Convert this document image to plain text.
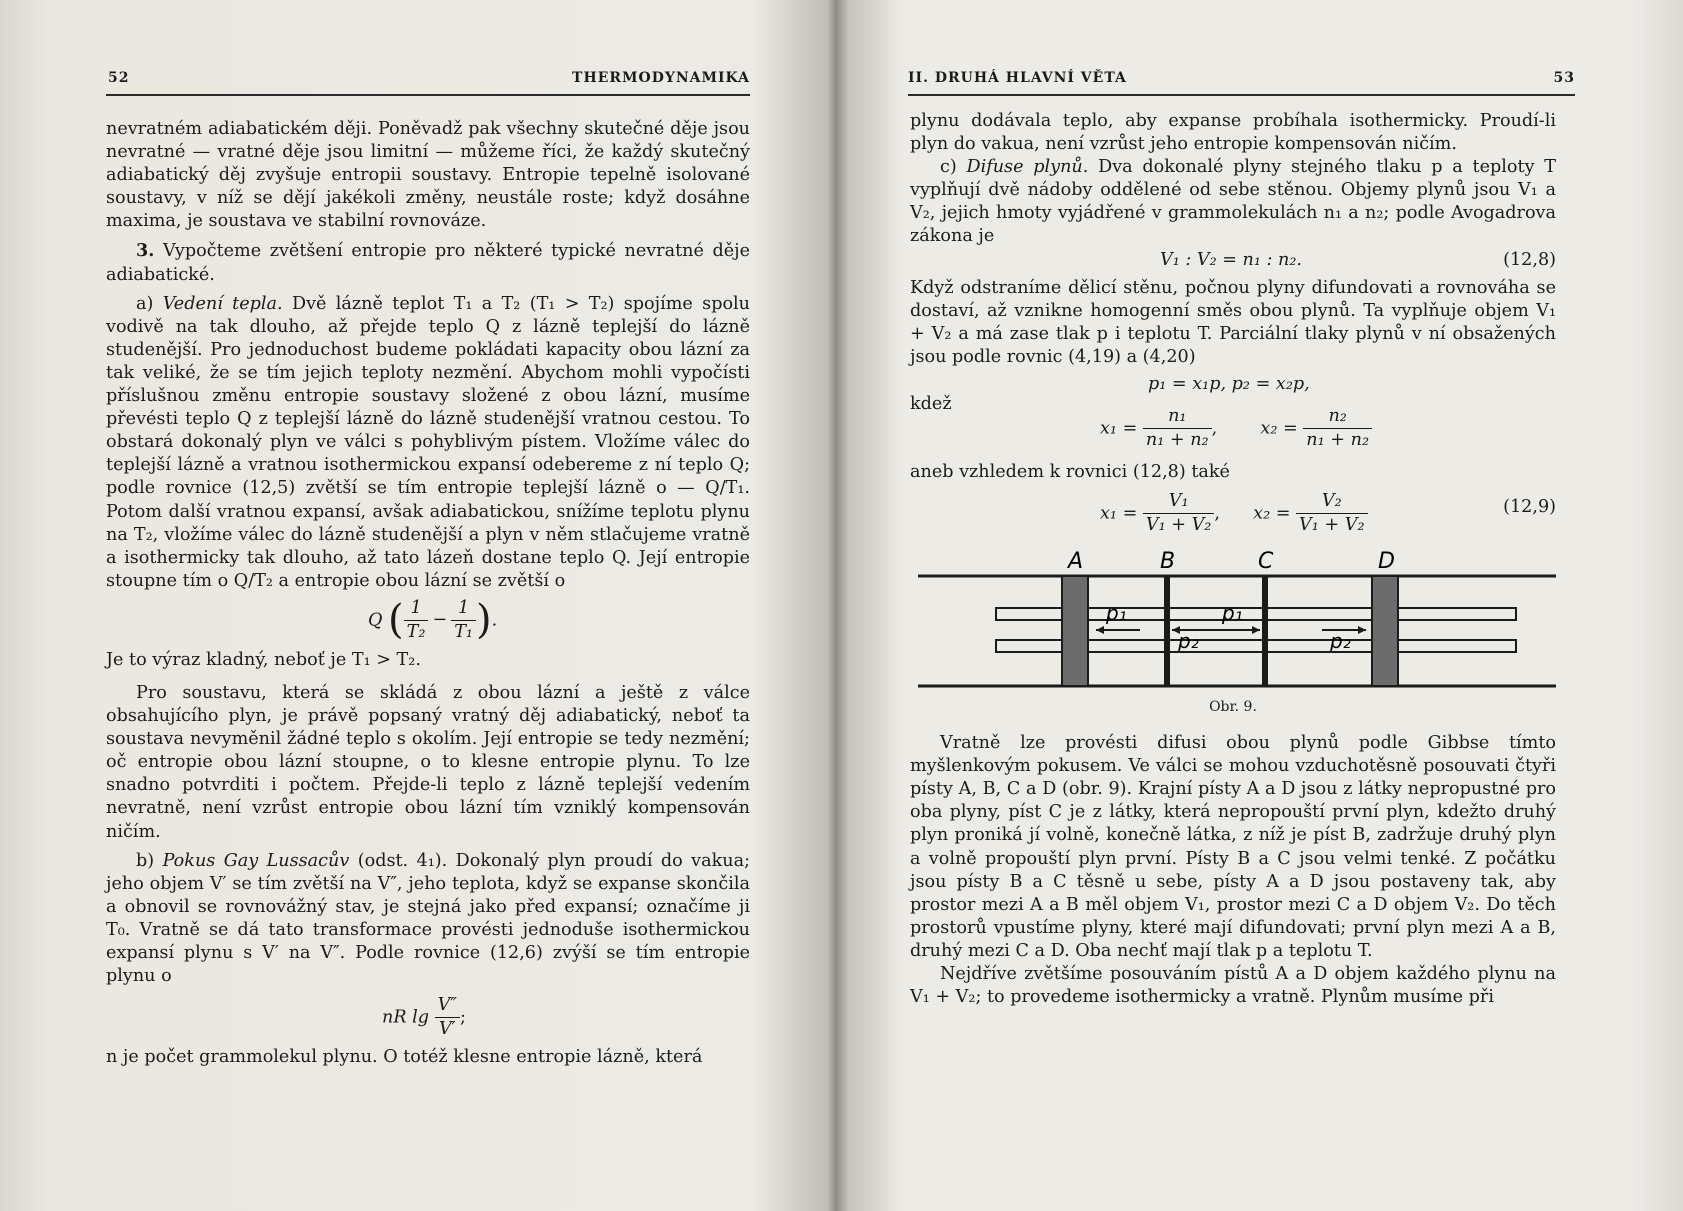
52	THERMODYNAMIKA

nevratném adiabatickém ději. Poněvadž pak všechny skutečné děje jsou nevratné — vratné děje jsou limitní — můžeme říci, že každý skutečný adiabatický děj zvyšuje entropii soustavy. Entropie tepelně isolované soustavy, v níž se dějí jakékoli změny, neustále roste; když dosáhne maxima, je soustava ve stabilní rovnováze.

3. Vypočteme zvětšení entropie pro některé typické nevratné děje adiabatické.

a) Vedení tepla. Dvě lázně teplot T₁ a T₂ (T₁ > T₂) spojíme spolu vodivě na tak dlouho, až přejde teplo Q z lázně teplejší do lázně studenější. Pro jednoduchost budeme pokládati kapacity obou lázní za tak veliké, že se tím jejich teploty nezmění. Abychom mohli vypočísti příslušnou změnu entropie soustavy složené z obou lázní, musíme převésti teplo Q z teplejší lázně do lázně studenější vratnou cestou. To obstará dokonalý plyn ve válci s pohyblivým pístem. Vložíme válec do teplejší lázně a vratnou isothermickou expansí odebereme z ní teplo Q; podle rovnice (12,5) zvětší se tím entropie teplejší lázně o — Q/T₁. Potom další vratnou expansí, avšak adiabatickou, snížíme teplotu plynu na T₂, vložíme válec do lázně studenější a plyn v něm stlačujeme vratně a isothermicky tak dlouho, až tato lázeň dostane teplo Q. Její entropie stoupne tím o Q/T₂ a entropie obou lázní se zvětší o

Q ( $\frac{1}{\text{T₂}} - \frac{1}{\text{T₁}}$ ).

Je to výraz kladný, neboť je T₁ > T₂.

Pro soustavu, která se skládá z obou lázní a ještě z válce obsahujícího plyn, je právě popsaný vratný děj adiabatický, neboť ta soustava nevyměnil žádné teplo s okolím. Její entropie se tedy nezmění; oč entropie obou lázní stoupne, o to klesne entropie plynu. To lze snadno potvrditi i počtem. Přejde-li teplo z lázně teplejší vedením nevratně, není vzrůst entropie obou lázní tím vzniklý kompensován ničím.

b) Pokus Gay Lussacův (odst. 4₁). Dokonalý plyn proudí do vakua; jeho objem V′ se tím zvětší na V″, jeho teplota, když se expanse skončila a obnovil se rovnovážný stav, je stejná jako před expansí; označíme ji T₀. Vratně se dá tato transformace provésti jednoduše isothermickou expansí plynu s V′ na V″. Podle rovnice (12,6) zvýší se tím entropie plynu o

nR $\lg \frac{V''}{V'}$ ;

n je počet grammolekul plynu. O totéž klesne entropie lázně, která

II. DRUHÁ HLAVNÍ VĚTA	53

plynu dodávala teplo, aby expanse probíhala isothermicky. Proudí-li plyn do vakua, není vzrůst jeho entropie kompensován ničím.

c) Difuse plynů. Dva dokonalé plyny stejného tlaku p a teploty T vyplňují dvě nádoby oddělené od sebe stěnou. Objemy plynů jsou V₁ a V₂, jejich hmoty vyjádřené v grammolekulách n₁ a n₂; podle Avogadrova zákona je

V₁ : V₂ = n₁ : n₂.	(12,8)

Když odstraníme dělicí stěnu, počnou plyny difundovati a rovnováha se dostaví, až vznikne homogenní směs obou plynů. Ta vyplňuje objem V₁ + V₂ a má zase tlak p i teplotu T. Parciální tlaky plynů v ní obsažených jsou podle rovnic (4,19) a (4,20)

p₁ = x₁p, p₂ = x₂p,
kdež
$x_1 = \frac{\text{n₁}}{\text{n₁ + n₂}}$ , $x_2 = \frac{\text{n₂}}{\text{n₁ + n₂}}$

aneb vzhledem k rovnici (12,8) také

$x_1 = \frac{\text{V₁}}{\text{V₁ + V₂}}$ , $x_2 = \frac{\text{V₂}}{\text{V₁ + V₂}}$	(12,9)
A	B	C	D
p₁
p₂
p₁
p₂
Obr. 9.

Vratně lze provésti difusi obou plynů podle Gibbse tímto myšlenkovým pokusem. Ve válci se mohou vzduchotěsně posouvati čtyři písty A, B, C a D (obr. 9). Krajní písty A a D jsou z látky nepropustné pro oba plyny, píst C je z látky, která nepropouští první plyn, kdežto druhý plyn proniká jí volně, konečně látka, z níž je píst B, zadržuje druhý plyn a volně propouští plyn první. Písty B a C jsou velmi tenké. Z počátku jsou písty B a C těsně u sebe, písty A a D jsou postaveny tak, aby prostor mezi A a B měl objem V₁, prostor mezi C a D objem V₂. Do těch prostorů vpustíme plyny, které mají difundovati; první plyn mezi A a B, druhý mezi C a D. Oba nechť mají tlak p a teplotu T.

Nejdříve zvětšíme posouváním pístů A a D objem každého plynu na V₁ + V₂; to provedeme isothermicky a vratně. Plynům musíme při
